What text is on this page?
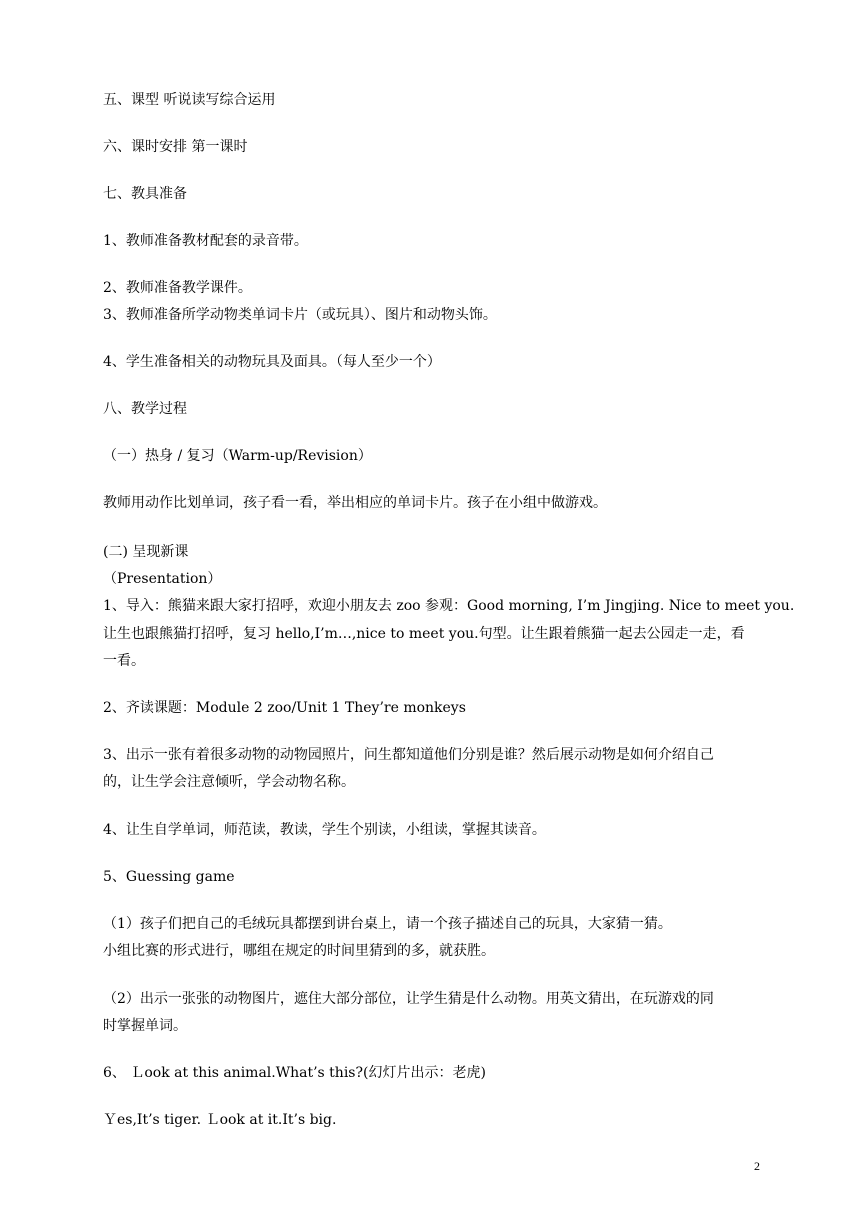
五、课型 听说读写综合运用

六、课时安排 第一课时

七、教具准备

1、教师准备教材配套的录音带。

2、教师准备教学课件。

3、教师准备所学动物类单词卡片（或玩具）、图片和动物头饰。

4、学生准备相关的动物玩具及面具。（每人至少一个）

八、教学过程

（一）热身 / 复习（Warm-up/Revision）

教师用动作比划单词，孩子看一看，举出相应的单词卡片。孩子在小组中做游戏。

(二) 呈现新课

（Presentation）

1、导入：熊猫来跟大家打招呼，欢迎小朋友去 zoo 参观：Good morning, I’m Jingjing. Nice to meet you.

让生也跟熊猫打招呼，复习 hello,I’m…,nice to meet you.句型。让生跟着熊猫一起去公园走一走，看

一看。

2、齐读课题：Module 2 zoo/Unit 1 They’re monkeys

3、出示一张有着很多动物的动物园照片，问生都知道他们分别是谁？然后展示动物是如何介绍自己

的，让生学会注意倾听，学会动物名称。

4、让生自学单词，师范读，教读，学生个别读，小组读，掌握其读音。

5、Guessing game

（1）孩子们把自己的毛绒玩具都摆到讲台桌上，请一个孩子描述自己的玩具，大家猜一猜。

小组比赛的形式进行，哪组在规定的时间里猜到的多，就获胜。

（2）出示一张张的动物图片，遮住大部分部位，让学生猜是什么动物。用英文猜出，在玩游戏的同

时掌握单词。

6、 Ｌook at this animal.What’s this?(幻灯片出示：老虎)

Ｙes,It’s tiger. Ｌook at it.It’s big.

2
